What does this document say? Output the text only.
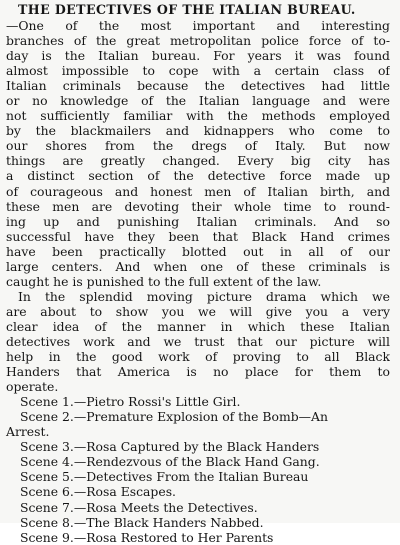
THE DETECTIVES OF THE ITALIAN BUREAU.
—One of the most important and interesting
branches of the great metropolitan police force of to-
day is the Italian bureau. For years it was found
almost impossible to cope with a certain class of
Italian criminals because the detectives had little
or no knowledge of the Italian language and were
not sufficiently familiar with the methods employed
by the blackmailers and kidnappers who come to
our shores from the dregs of Italy. But now
things are greatly changed. Every big city has
a distinct section of the detective force made up
of courageous and honest men of Italian birth, and
these men are devoting their whole time to round-
ing up and punishing Italian criminals. And so
successful have they been that Black Hand crimes
have been practically blotted out in all of our
large centers. And when one of these criminals is
caught he is punished to the full extent of the law.
In the splendid moving picture drama which we
are about to show you we will give you a very
clear idea of the manner in which these Italian
detectives work and we trust that our picture will
help in the good work of proving to all Black
Handers that America is no place for them to
operate.
Scene 1.—Pietro Rossi's Little Girl.
Scene 2.—Premature Explosion of the Bomb—An
Arrest.
Scene 3.—Rosa Captured by the Black Handers
Scene 4.—Rendezvous of the Black Hand Gang.
Scene 5.—Detectives From the Italian Bureau
Scene 6.—Rosa Escapes.
Scene 7.—Rosa Meets the Detectives.
Scene 8.—The Black Handers Nabbed.
Scene 9.—Rosa Restored to Her Parents
